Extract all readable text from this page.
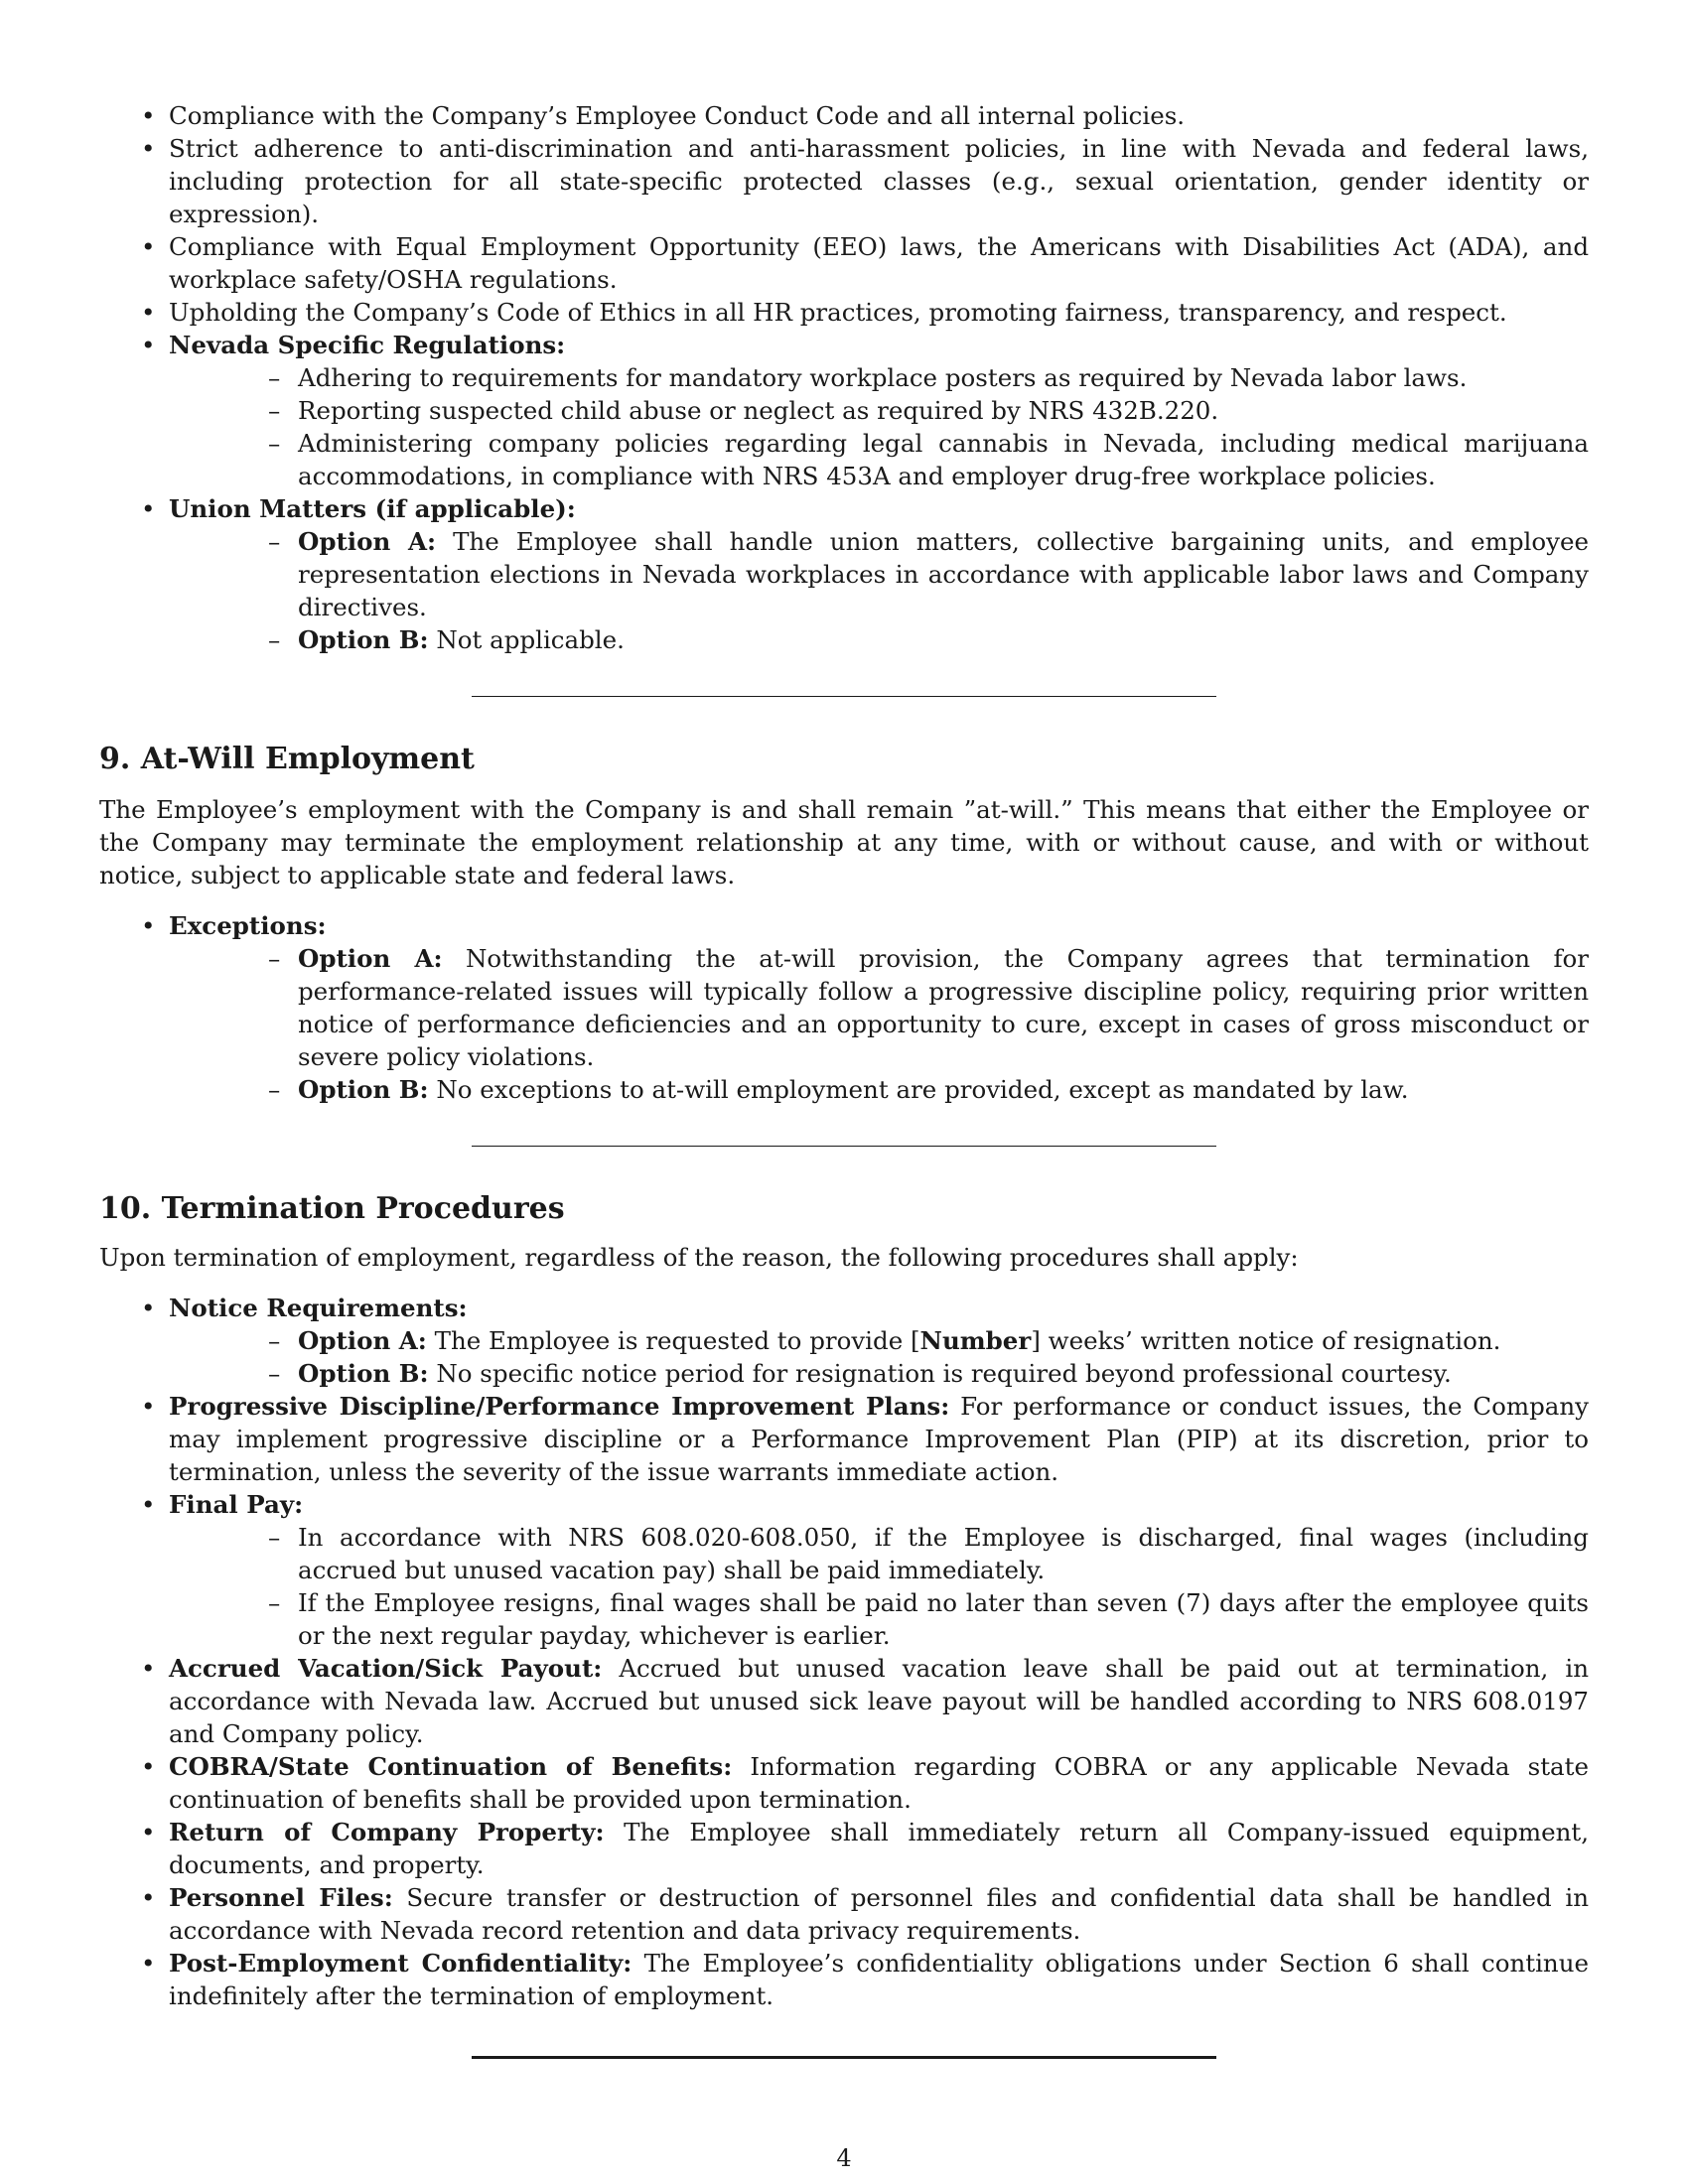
• Compliance with the Company’s Employee Conduct Code and all internal policies.
• Strict adherence to anti-discrimination and anti-harassment policies, in line with Nevada and federal laws, including protection for all state-specific protected classes (e.g., sexual orientation, gender identity or expression).
• Compliance with Equal Employment Opportunity (EEO) laws, the Americans with Disabilities Act (ADA), and workplace safety/OSHA regulations.
• Upholding the Company’s Code of Ethics in all HR practices, promoting fairness, transparency, and respect.
• Nevada Specific Regulations:
– Adhering to requirements for mandatory workplace posters as required by Nevada labor laws.
– Reporting suspected child abuse or neglect as required by NRS 432B.220.
– Administering company policies regarding legal cannabis in Nevada, including medical marijuana accommodations, in compliance with NRS 453A and employer drug-free workplace policies.
• Union Matters (if applicable):
– Option A: The Employee shall handle union matters, collective bargaining units, and employee representation elections in Nevada workplaces in accordance with applicable labor laws and Company directives.
– Option B: Not applicable.
9. At-Will Employment

The Employee’s employment with the Company is and shall remain ”at-will.” This means that either the Employee or the Company may terminate the employment relationship at any time, with or without cause, and with or without notice, subject to applicable state and federal laws.

• Exceptions:
– Option A: Notwithstanding the at-will provision, the Company agrees that termination for performance-related issues will typically follow a progressive discipline policy, requiring prior written notice of performance deficiencies and an opportunity to cure, except in cases of gross misconduct or severe policy violations.
– Option B: No exceptions to at-will employment are provided, except as mandated by law.
10. Termination Procedures

Upon termination of employment, regardless of the reason, the following procedures shall apply:

• Notice Requirements:
– Option A: The Employee is requested to provide [Number] weeks’ written notice of resignation.
– Option B: No specific notice period for resignation is required beyond professional courtesy.
• Progressive Discipline/Performance Improvement Plans: For performance or conduct issues, the Company may implement progressive discipline or a Performance Improvement Plan (PIP) at its discretion, prior to termination, unless the severity of the issue warrants immediate action.
• Final Pay:
– In accordance with NRS 608.020-608.050, if the Employee is discharged, final wages (including accrued but unused vacation pay) shall be paid immediately.
– If the Employee resigns, final wages shall be paid no later than seven (7) days after the employee quits or the next regular payday, whichever is earlier.
• Accrued Vacation/Sick Payout: Accrued but unused vacation leave shall be paid out at termination, in accordance with Nevada law. Accrued but unused sick leave payout will be handled according to NRS 608.0197 and Company policy.
• COBRA/State Continuation of Benefits: Information regarding COBRA or any applicable Nevada state continuation of benefits shall be provided upon termination.
• Return of Company Property: The Employee shall immediately return all Company-issued equipment, documents, and property.
• Personnel Files: Secure transfer or destruction of personnel files and confidential data shall be handled in accordance with Nevada record retention and data privacy requirements.
• Post-Employment Confidentiality: The Employee’s confidentiality obligations under Section 6 shall continue indefinitely after the termination of employment.
4
